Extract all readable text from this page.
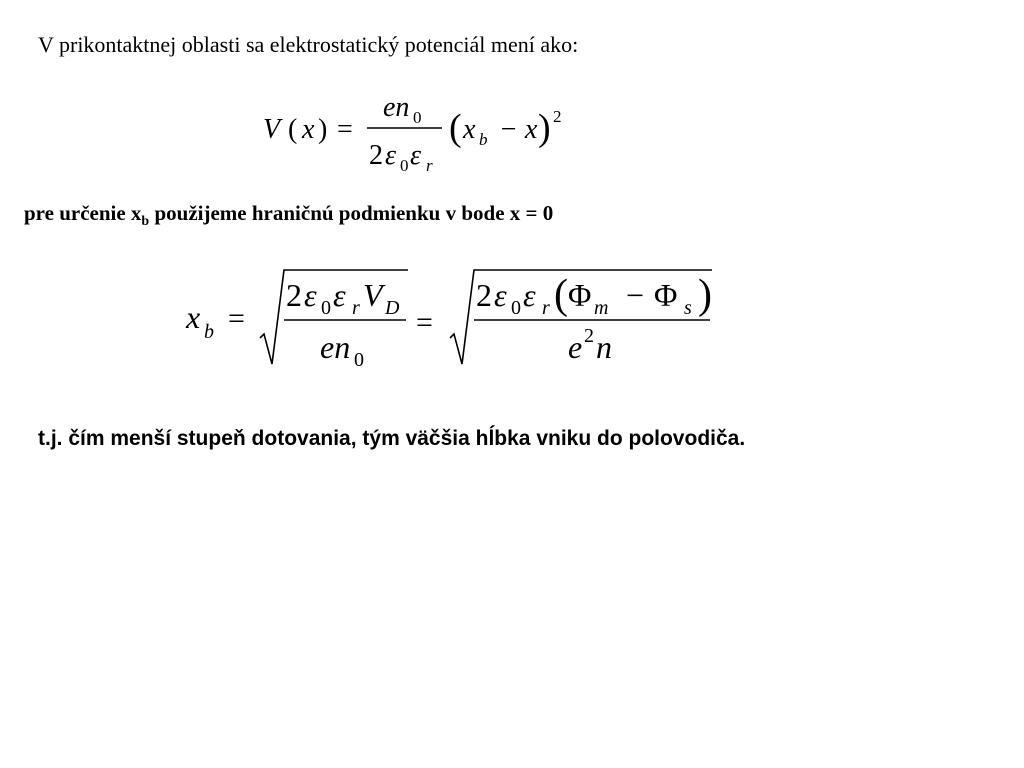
V prikontaktnej oblasti sa elektrostatický potenciál mení ako:
V ( x ) =
en 0
2 ε 0 ε r
( x b − x ) 2
pre určenie $x_b$ použijeme hraničnú podmienku v bode x = 0
x b =
2 ε 0 ε r V D
en 0
=
2 ε 0 ε r ( Φ m − Φ s )
e 2 n
t.j. čím menší stupeň dotovania, tým väčšia hĺbka vniku do polovodiča.
